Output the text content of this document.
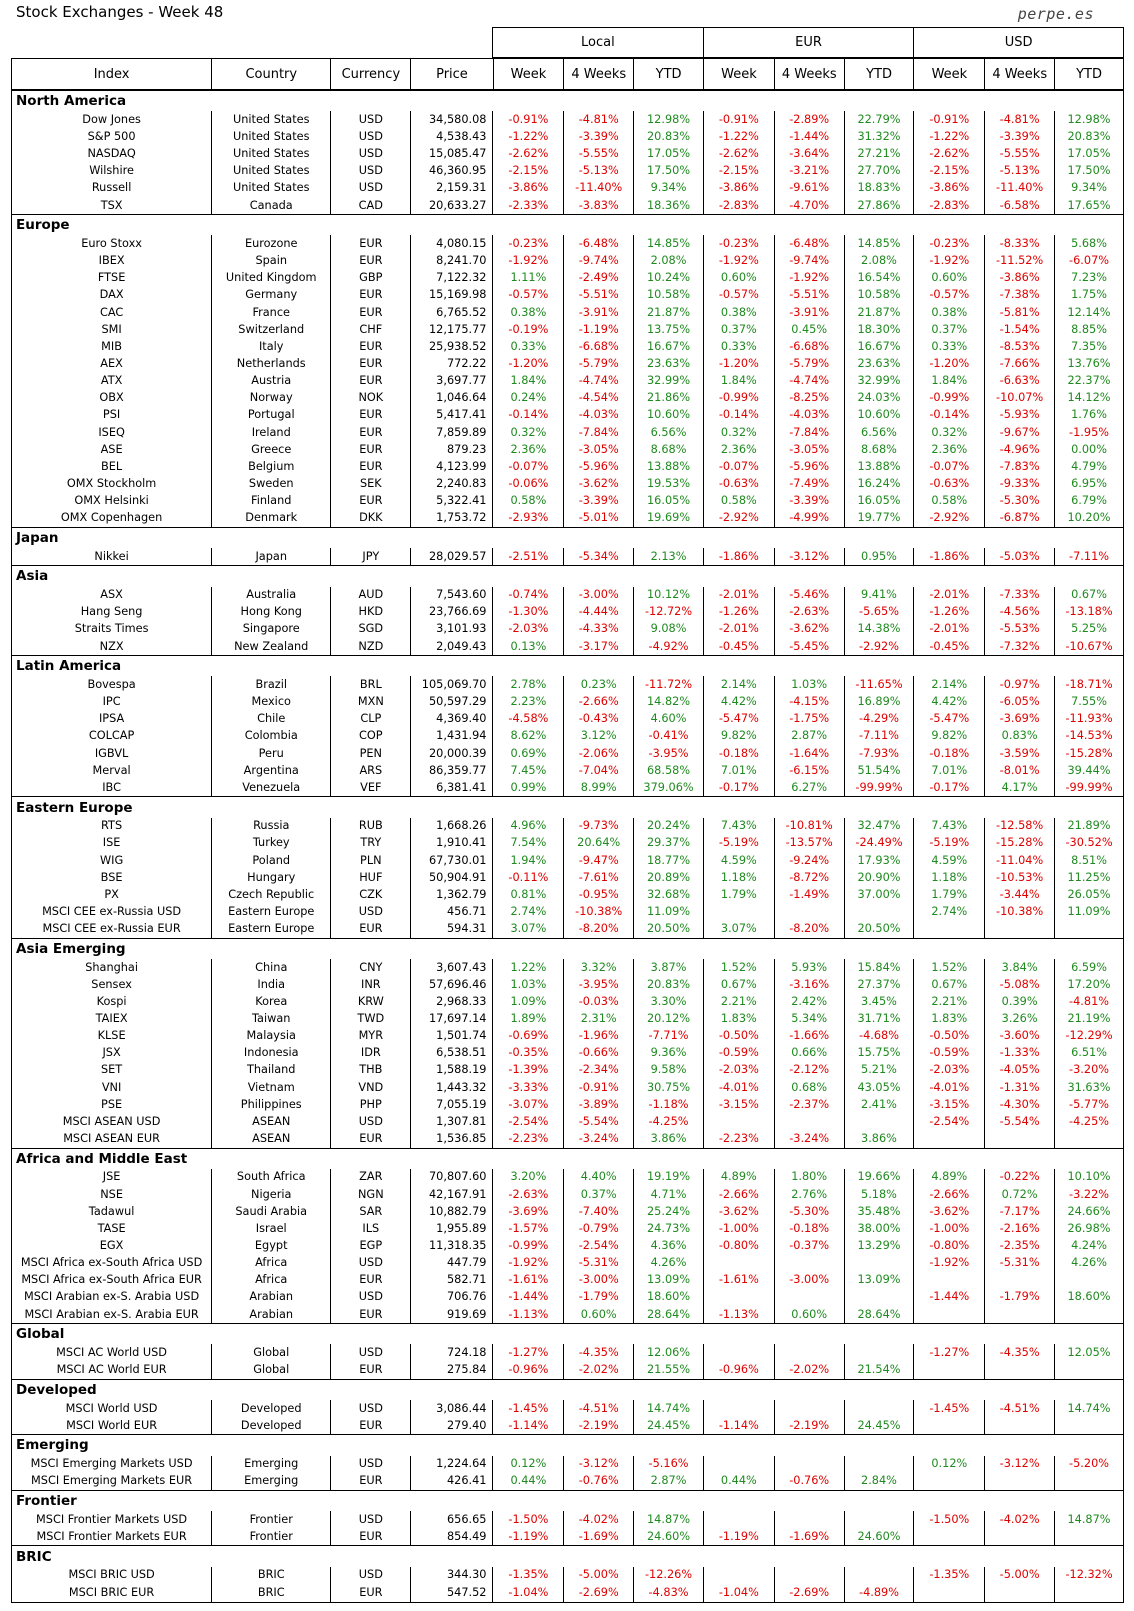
Stock Exchanges - Week 48	perpe.es
Local	EUR	USD
Index	Country	Currency	Price	Week	4 Weeks	YTD	Week	4 Weeks	YTD	Week	4 Weeks	YTD
North America												
Dow Jones	United States	USD	34,580.08	-0.91%	-4.81%	12.98%	-0.91%	-2.89%	22.79%	-0.91%	-4.81%	12.98%
S&P 500	United States	USD	4,538.43	-1.22%	-3.39%	20.83%	-1.22%	-1.44%	31.32%	-1.22%	-3.39%	20.83%
NASDAQ	United States	USD	15,085.47	-2.62%	-5.55%	17.05%	-2.62%	-3.64%	27.21%	-2.62%	-5.55%	17.05%
Wilshire	United States	USD	46,360.95	-2.15%	-5.13%	17.50%	-2.15%	-3.21%	27.70%	-2.15%	-5.13%	17.50%
Russell	United States	USD	2,159.31	-3.86%	-11.40%	9.34%	-3.86%	-9.61%	18.83%	-3.86%	-11.40%	9.34%
TSX	Canada	CAD	20,633.27	-2.33%	-3.83%	18.36%	-2.83%	-4.70%	27.86%	-2.83%	-6.58%	17.65%
Europe												
Euro Stoxx	Eurozone	EUR	4,080.15	-0.23%	-6.48%	14.85%	-0.23%	-6.48%	14.85%	-0.23%	-8.33%	5.68%
IBEX	Spain	EUR	8,241.70	-1.92%	-9.74%	2.08%	-1.92%	-9.74%	2.08%	-1.92%	-11.52%	-6.07%
FTSE	United Kingdom	GBP	7,122.32	1.11%	-2.49%	10.24%	0.60%	-1.92%	16.54%	0.60%	-3.86%	7.23%
DAX	Germany	EUR	15,169.98	-0.57%	-5.51%	10.58%	-0.57%	-5.51%	10.58%	-0.57%	-7.38%	1.75%
CAC	France	EUR	6,765.52	0.38%	-3.91%	21.87%	0.38%	-3.91%	21.87%	0.38%	-5.81%	12.14%
SMI	Switzerland	CHF	12,175.77	-0.19%	-1.19%	13.75%	0.37%	0.45%	18.30%	0.37%	-1.54%	8.85%
MIB	Italy	EUR	25,938.52	0.33%	-6.68%	16.67%	0.33%	-6.68%	16.67%	0.33%	-8.53%	7.35%
AEX	Netherlands	EUR	772.22	-1.20%	-5.79%	23.63%	-1.20%	-5.79%	23.63%	-1.20%	-7.66%	13.76%
ATX	Austria	EUR	3,697.77	1.84%	-4.74%	32.99%	1.84%	-4.74%	32.99%	1.84%	-6.63%	22.37%
OBX	Norway	NOK	1,046.64	0.24%	-4.54%	21.86%	-0.99%	-8.25%	24.03%	-0.99%	-10.07%	14.12%
PSI	Portugal	EUR	5,417.41	-0.14%	-4.03%	10.60%	-0.14%	-4.03%	10.60%	-0.14%	-5.93%	1.76%
ISEQ	Ireland	EUR	7,859.89	0.32%	-7.84%	6.56%	0.32%	-7.84%	6.56%	0.32%	-9.67%	-1.95%
ASE	Greece	EUR	879.23	2.36%	-3.05%	8.68%	2.36%	-3.05%	8.68%	2.36%	-4.96%	0.00%
BEL	Belgium	EUR	4,123.99	-0.07%	-5.96%	13.88%	-0.07%	-5.96%	13.88%	-0.07%	-7.83%	4.79%
OMX Stockholm	Sweden	SEK	2,240.83	-0.06%	-3.62%	19.53%	-0.63%	-7.49%	16.24%	-0.63%	-9.33%	6.95%
OMX Helsinki	Finland	EUR	5,322.41	0.58%	-3.39%	16.05%	0.58%	-3.39%	16.05%	0.58%	-5.30%	6.79%
OMX Copenhagen	Denmark	DKK	1,753.72	-2.93%	-5.01%	19.69%	-2.92%	-4.99%	19.77%	-2.92%	-6.87%	10.20%
Japan												
Nikkei	Japan	JPY	28,029.57	-2.51%	-5.34%	2.13%	-1.86%	-3.12%	0.95%	-1.86%	-5.03%	-7.11%
Asia												
ASX	Australia	AUD	7,543.60	-0.74%	-3.00%	10.12%	-2.01%	-5.46%	9.41%	-2.01%	-7.33%	0.67%
Hang Seng	Hong Kong	HKD	23,766.69	-1.30%	-4.44%	-12.72%	-1.26%	-2.63%	-5.65%	-1.26%	-4.56%	-13.18%
Straits Times	Singapore	SGD	3,101.93	-2.03%	-4.33%	9.08%	-2.01%	-3.62%	14.38%	-2.01%	-5.53%	5.25%
NZX	New Zealand	NZD	2,049.43	0.13%	-3.17%	-4.92%	-0.45%	-5.45%	-2.92%	-0.45%	-7.32%	-10.67%
Latin America												
Bovespa	Brazil	BRL	105,069.70	2.78%	0.23%	-11.72%	2.14%	1.03%	-11.65%	2.14%	-0.97%	-18.71%
IPC	Mexico	MXN	50,597.29	2.23%	-2.66%	14.82%	4.42%	-4.15%	16.89%	4.42%	-6.05%	7.55%
IPSA	Chile	CLP	4,369.40	-4.58%	-0.43%	4.60%	-5.47%	-1.75%	-4.29%	-5.47%	-3.69%	-11.93%
COLCAP	Colombia	COP	1,431.94	8.62%	3.12%	-0.41%	9.82%	2.87%	-7.11%	9.82%	0.83%	-14.53%
IGBVL	Peru	PEN	20,000.39	0.69%	-2.06%	-3.95%	-0.18%	-1.64%	-7.93%	-0.18%	-3.59%	-15.28%
Merval	Argentina	ARS	86,359.77	7.45%	-7.04%	68.58%	7.01%	-6.15%	51.54%	7.01%	-8.01%	39.44%
IBC	Venezuela	VEF	6,381.41	0.99%	8.99%	379.06%	-0.17%	6.27%	-99.99%	-0.17%	4.17%	-99.99%
Eastern Europe												
RTS	Russia	RUB	1,668.26	4.96%	-9.73%	20.24%	7.43%	-10.81%	32.47%	7.43%	-12.58%	21.89%
ISE	Turkey	TRY	1,910.41	7.54%	20.64%	29.37%	-5.19%	-13.57%	-24.49%	-5.19%	-15.28%	-30.52%
WIG	Poland	PLN	67,730.01	1.94%	-9.47%	18.77%	4.59%	-9.24%	17.93%	4.59%	-11.04%	8.51%
BSE	Hungary	HUF	50,904.91	-0.11%	-7.61%	20.89%	1.18%	-8.72%	20.90%	1.18%	-10.53%	11.25%
PX	Czech Republic	CZK	1,362.79	0.81%	-0.95%	32.68%	1.79%	-1.49%	37.00%	1.79%	-3.44%	26.05%
MSCI CEE ex-Russia USD	Eastern Europe	USD	456.71	2.74%	-10.38%	11.09%				2.74%	-10.38%	11.09%
MSCI CEE ex-Russia EUR	Eastern Europe	EUR	594.31	3.07%	-8.20%	20.50%	3.07%	-8.20%	20.50%			
Asia Emerging												
Shanghai	China	CNY	3,607.43	1.22%	3.32%	3.87%	1.52%	5.93%	15.84%	1.52%	3.84%	6.59%
Sensex	India	INR	57,696.46	1.03%	-3.95%	20.83%	0.67%	-3.16%	27.37%	0.67%	-5.08%	17.20%
Kospi	Korea	KRW	2,968.33	1.09%	-0.03%	3.30%	2.21%	2.42%	3.45%	2.21%	0.39%	-4.81%
TAIEX	Taiwan	TWD	17,697.14	1.89%	2.31%	20.12%	1.83%	5.34%	31.71%	1.83%	3.26%	21.19%
KLSE	Malaysia	MYR	1,501.74	-0.69%	-1.96%	-7.71%	-0.50%	-1.66%	-4.68%	-0.50%	-3.60%	-12.29%
JSX	Indonesia	IDR	6,538.51	-0.35%	-0.66%	9.36%	-0.59%	0.66%	15.75%	-0.59%	-1.33%	6.51%
SET	Thailand	THB	1,588.19	-1.39%	-2.34%	9.58%	-2.03%	-2.12%	5.21%	-2.03%	-4.05%	-3.20%
VNI	Vietnam	VND	1,443.32	-3.33%	-0.91%	30.75%	-4.01%	0.68%	43.05%	-4.01%	-1.31%	31.63%
PSE	Philippines	PHP	7,055.19	-3.07%	-3.89%	-1.18%	-3.15%	-2.37%	2.41%	-3.15%	-4.30%	-5.77%
MSCI ASEAN USD	ASEAN	USD	1,307.81	-2.54%	-5.54%	-4.25%				-2.54%	-5.54%	-4.25%
MSCI ASEAN EUR	ASEAN	EUR	1,536.85	-2.23%	-3.24%	3.86%	-2.23%	-3.24%	3.86%			
Africa and Middle East												
JSE	South Africa	ZAR	70,807.60	3.20%	4.40%	19.19%	4.89%	1.80%	19.66%	4.89%	-0.22%	10.10%
NSE	Nigeria	NGN	42,167.91	-2.63%	0.37%	4.71%	-2.66%	2.76%	5.18%	-2.66%	0.72%	-3.22%
Tadawul	Saudi Arabia	SAR	10,882.79	-3.69%	-7.40%	25.24%	-3.62%	-5.30%	35.48%	-3.62%	-7.17%	24.66%
TASE	Israel	ILS	1,955.89	-1.57%	-0.79%	24.73%	-1.00%	-0.18%	38.00%	-1.00%	-2.16%	26.98%
EGX	Egypt	EGP	11,318.35	-0.99%	-2.54%	4.36%	-0.80%	-0.37%	13.29%	-0.80%	-2.35%	4.24%
MSCI Africa ex-South Africa USD	Africa	USD	447.79	-1.92%	-5.31%	4.26%				-1.92%	-5.31%	4.26%
MSCI Africa ex-South Africa EUR	Africa	EUR	582.71	-1.61%	-3.00%	13.09%	-1.61%	-3.00%	13.09%			
MSCI Arabian ex-S. Arabia USD	Arabian	USD	706.76	-1.44%	-1.79%	18.60%				-1.44%	-1.79%	18.60%
MSCI Arabian ex-S. Arabia EUR	Arabian	EUR	919.69	-1.13%	0.60%	28.64%	-1.13%	0.60%	28.64%			
Global												
MSCI AC World USD	Global	USD	724.18	-1.27%	-4.35%	12.06%				-1.27%	-4.35%	12.05%
MSCI AC World EUR	Global	EUR	275.84	-0.96%	-2.02%	21.55%	-0.96%	-2.02%	21.54%			
Developed												
MSCI World USD	Developed	USD	3,086.44	-1.45%	-4.51%	14.74%				-1.45%	-4.51%	14.74%
MSCI World EUR	Developed	EUR	279.40	-1.14%	-2.19%	24.45%	-1.14%	-2.19%	24.45%			
Emerging												
MSCI Emerging Markets USD	Emerging	USD	1,224.64	0.12%	-3.12%	-5.16%				0.12%	-3.12%	-5.20%
MSCI Emerging Markets EUR	Emerging	EUR	426.41	0.44%	-0.76%	2.87%	0.44%	-0.76%	2.84%			
Frontier												
MSCI Frontier Markets USD	Frontier	USD	656.65	-1.50%	-4.02%	14.87%				-1.50%	-4.02%	14.87%
MSCI Frontier Markets EUR	Frontier	EUR	854.49	-1.19%	-1.69%	24.60%	-1.19%	-1.69%	24.60%			
BRIC												
MSCI BRIC USD	BRIC	USD	344.30	-1.35%	-5.00%	-12.26%				-1.35%	-5.00%	-12.32%
MSCI BRIC EUR	BRIC	EUR	547.52	-1.04%	-2.69%	-4.83%	-1.04%	-2.69%	-4.89%			
